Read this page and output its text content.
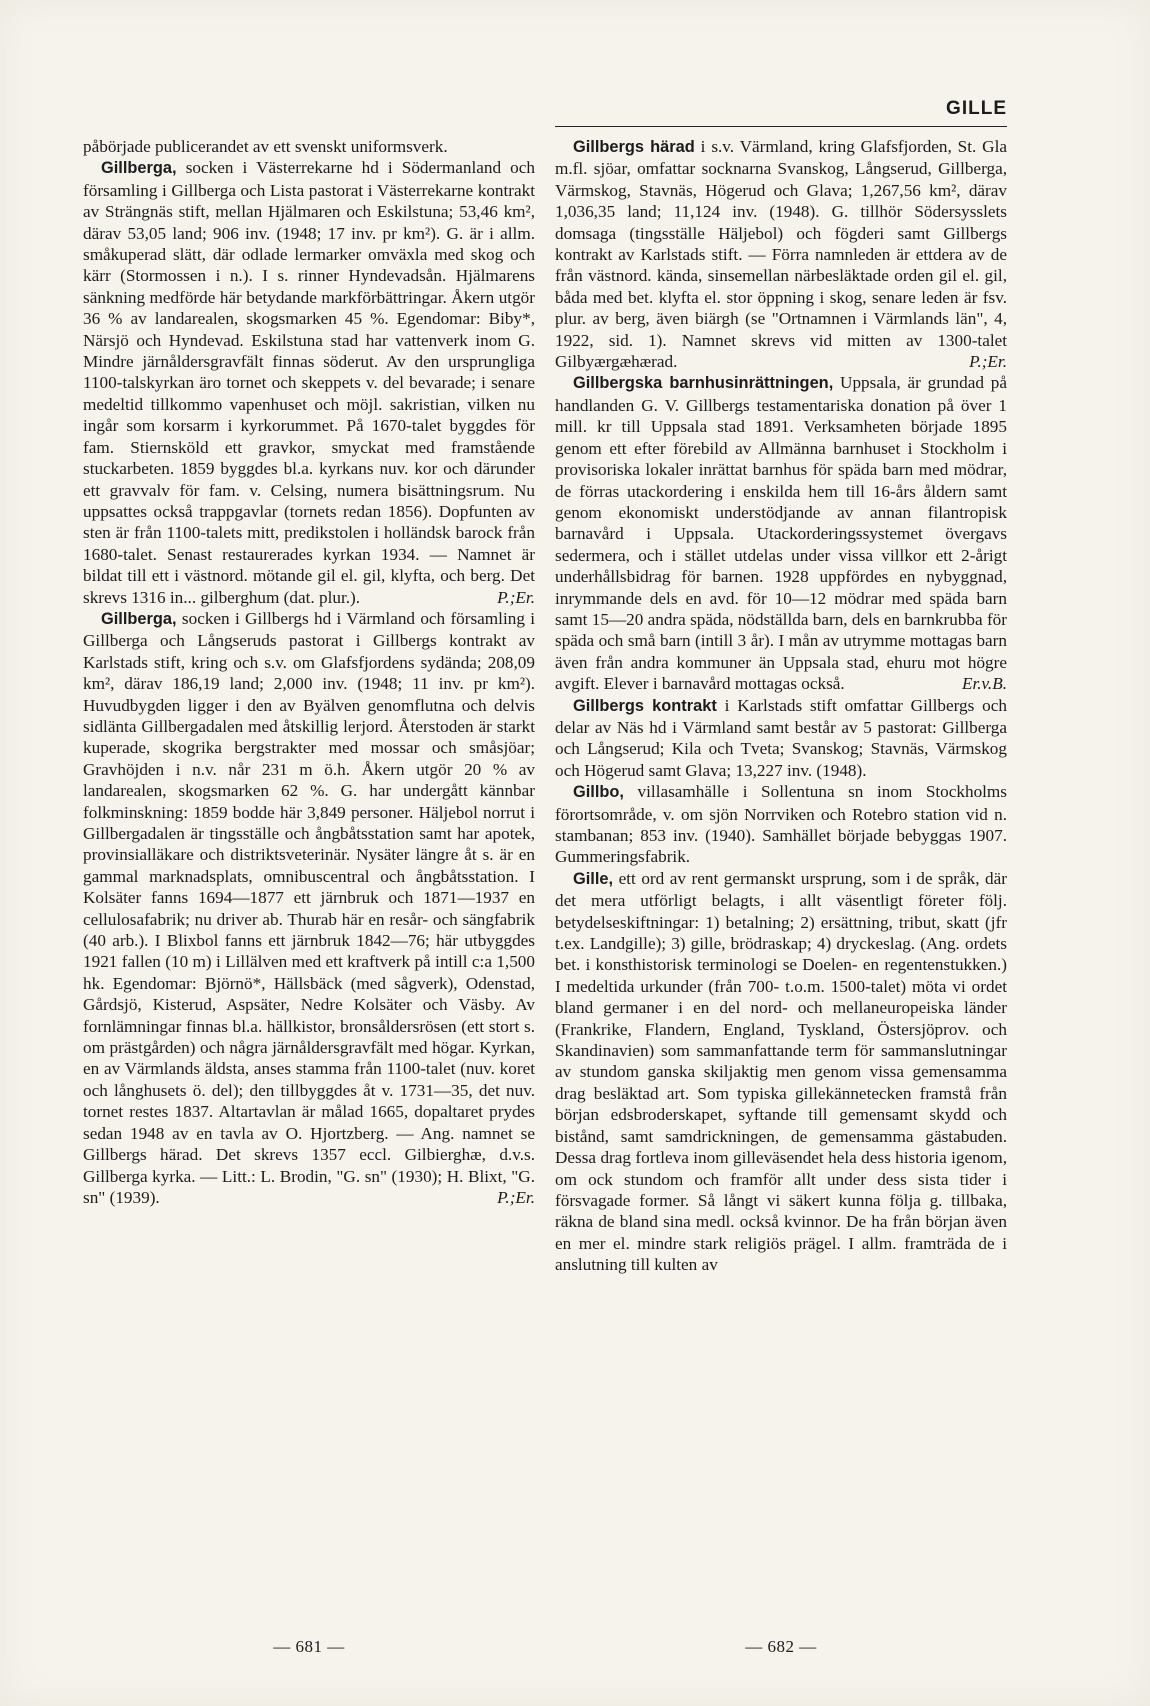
GILLE

påbörjade publicerandet av ett svenskt uniformsverk.

Gillberga, socken i Västerrekarne hd i Södermanland och församling i Gillberga och Lista pastorat i Västerrekarne kontrakt av Strängnäs stift, mellan Hjälmaren och Eskilstuna; 53,46 km², därav 53,05 land; 906 inv. (1948; 17 inv. pr km²). G. är i allm. småkuperad slätt, där odlade lermarker omväxla med skog och kärr (Stormossen i n.). I s. rinner Hyndevadsån. Hjälmarens sänkning medförde här betydande markförbättringar. Åkern utgör 36 % av landarealen, skogsmarken 45 %. Egendomar: Biby*, Närsjö och Hyndevad. Eskilstuna stad har vattenverk inom G. Mindre järnåldersgravfält finnas söderut. Av den ursprungliga 1100-talskyrkan äro tornet och skeppets v. del bevarade; i senare medeltid tillkommo vapenhuset och möjl. sakristian, vilken nu ingår som korsarm i kyrkorummet. På 1670-talet byggdes för fam. Stiernsköld ett gravkor, smyckat med framstående stuckarbeten. 1859 byggdes bl.a. kyrkans nuv. kor och därunder ett gravvalv för fam. v. Celsing, numera bisättningsrum. Nu uppsattes också trappgavlar (tornets redan 1856). Dopfunten av sten är från 1100-talets mitt, predikstolen i holländsk barock från 1680-talet. Senast restaurerades kyrkan 1934. — Namnet är bildat till ett i västnord. mötande gil el. gil, klyfta, och berg. Det skrevs 1316 in... gilberghum (dat. plur.).	P.;Er.

Gillberga, socken i Gillbergs hd i Värmland och församling i Gillberga och Långseruds pastorat i Gillbergs kontrakt av Karlstads stift, kring och s.v. om Glafsfjordens sydända; 208,09 km², därav 186,19 land; 2,000 inv. (1948; 11 inv. pr km²). Huvudbygden ligger i den av Byälven genomflutna och delvis sidlänta Gillbergadalen med åtskillig lerjord. Återstoden är starkt kuperade, skogrika bergstrakter med mossar och småsjöar; Gravhöjden i n.v. når 231 m ö.h. Åkern utgör 20 % av landarealen, skogsmarken 62 %. G. har undergått kännbar folkminskning: 1859 bodde här 3,849 personer. Häljebol norrut i Gillbergadalen är tingsställe och ångbåtsstation samt har apotek, provinsialläkare och distriktsveterinär. Nysäter längre åt s. är en gammal marknadsplats, omnibuscentral och ångbåtsstation. I Kolsäter fanns 1694—1877 ett järnbruk och 1871—1937 en cellulosafabrik; nu driver ab. Thurab här en resår- och sängfabrik (40 arb.). I Blixbol fanns ett järnbruk 1842—76; här utbyggdes 1921 fallen (10 m) i Lillälven med ett kraftverk på intill c:a 1,500 hk. Egendomar: Björnö*, Hällsbäck (med sågverk), Odenstad, Gårdsjö, Kisterud, Aspsäter, Nedre Kolsäter och Väsby. Av fornlämningar finnas bl.a. hällkistor, bronsåldersrösen (ett stort s. om prästgården) och några järnåldersgravfält med högar. Kyrkan, en av Värmlands äldsta, anses stamma från 1100-talet (nuv. koret och långhusets ö. del); den tillbyggdes åt v. 1731—35, det nuv. tornet restes 1837. Altartavlan är målad 1665, dopaltaret prydes sedan 1948 av en tavla av O. Hjortzberg. — Ang. namnet se Gillbergs härad. Det skrevs 1357 eccl. Gilbierghæ, d.v.s. Gillberga kyrka. — Litt.: L. Brodin, "G. sn" (1930); H. Blixt, "G. sn" (1939).	P.;Er.

Gillbergs härad i s.v. Värmland, kring Glafsfjorden, St. Gla m.fl. sjöar, omfattar socknarna Svanskog, Långserud, Gillberga, Värmskog, Stavnäs, Högerud och Glava; 1,267,56 km², därav 1,036,35 land; 11,124 inv. (1948). G. tillhör Södersysslets domsaga (tingsställe Häljebol) och fögderi samt Gillbergs kontrakt av Karlstads stift. — Förra namnleden är ettdera av de från västnord. kända, sinsemellan närbesläktade orden gil el. gil, båda med bet. klyfta el. stor öppning i skog, senare leden är fsv. plur. av berg, även biärgh (se "Ortnamnen i Värmlands län", 4, 1922, sid. 1). Namnet skrevs vid mitten av 1300-talet Gilbyærgæhærad.	P.;Er.

Gillbergska barnhusinrättningen, Uppsala, är grundad på handlanden G. V. Gillbergs testamentariska donation på över 1 mill. kr till Uppsala stad 1891. Verksamheten började 1895 genom ett efter förebild av Allmänna barnhuset i Stockholm i provisoriska lokaler inrättat barnhus för späda barn med mödrar, de förras utackordering i enskilda hem till 16-års åldern samt genom ekonomiskt understödjande av annan filantropisk barnavård i Uppsala. Utackorderingssystemet övergavs sedermera, och i stället utdelas under vissa villkor ett 2-årigt underhållsbidrag för barnen. 1928 uppfördes en nybyggnad, inrymmande dels en avd. för 10—12 mödrar med späda barn samt 15—20 andra späda, nödställda barn, dels en barnkrubba för späda och små barn (intill 3 år). I mån av utrymme mottagas barn även från andra kommuner än Uppsala stad, ehuru mot högre avgift. Elever i barnavård mottagas också.	Er.v.B.

Gillbergs kontrakt i Karlstads stift omfattar Gillbergs och delar av Näs hd i Värmland samt består av 5 pastorat: Gillberga och Långserud; Kila och Tveta; Svanskog; Stavnäs, Värmskog och Högerud samt Glava; 13,227 inv. (1948).

Gillbo, villasamhälle i Sollentuna sn inom Stockholms förortsområde, v. om sjön Norrviken och Rotebro station vid n. stambanan; 853 inv. (1940). Samhället började bebyggas 1907. Gummeringsfabrik.

Gille, ett ord av rent germanskt ursprung, som i de språk, där det mera utförligt belagts, i allt väsentligt företer följ. betydelseskiftningar: 1) betalning; 2) ersättning, tribut, skatt (jfr t.ex. Landgille); 3) gille, brödraskap; 4) dryckeslag. (Ang. ordets bet. i konsthistorisk terminologi se Doelen- en regentenstukken.) I medeltida urkunder (från 700- t.o.m. 1500-talet) möta vi ordet bland germaner i en del nord- och mellaneuropeiska länder (Frankrike, Flandern, England, Tyskland, Östersjöprov. och Skandinavien) som sammanfattande term för sammanslutningar av stundom ganska skiljaktig men genom vissa gemensamma drag besläktad art. Som typiska gillekännetecken framstå från början edsbroderskapet, syftande till gemensamt skydd och bistånd, samt samdrickningen, de gemensamma gästabuden. Dessa drag fortleva inom gilleväsendet hela dess historia igenom, om ock stundom och framför allt under dess sista tider i försvagade former. Så långt vi säkert kunna följa g. tillbaka, räkna de bland sina medl. också kvinnor. De ha från början även en mer el. mindre stark religiös prägel. I allm. framträda de i anslutning till kulten av

— 681 —	— 682 —
